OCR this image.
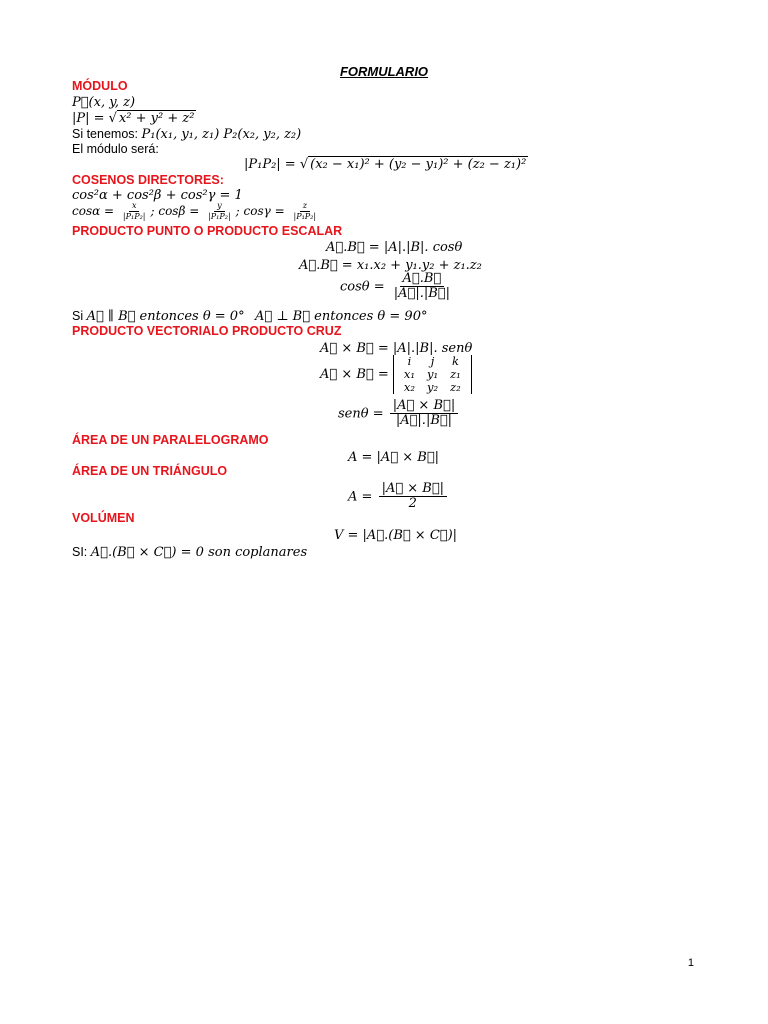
FORMULARIO
MÓDULO
P⃗(x, y, z)
|P| = √ x² + y² + z²
Si tenemos: P₁(x₁, y₁, z₁) P₂(x₂, y₂, z₂)
El módulo será:
|P₁P₂| = √ (x₂ − x₁)² + (y₂ − y₁)² + (z₂ − z₁)²
COSENOS DIRECTORES:
cos²α + cos²β + cos²γ = 1
$\cos\alpha = \frac{x}{\text{|P₁P₂|}}$ ; $\cos\beta = \frac{y}{\text{|P₁P₂|}}$ ; $\cos\gamma = \frac{z}{\text{|P₁P₂|}}$
PRODUCTO PUNTO O PRODUCTO ESCALAR
A⃗.B⃗ = |A|.|B|. cosθ
A⃗.B⃗ = x₁.x₂ + y₁.y₂ + z₁.z₂
$\cos\theta = \frac{A⃗.B⃗}{|A⃗|.|B⃗|}$
Si A⃗ ∥ B⃗ entonces θ = 0° A⃗ ⊥ B⃗ entonces θ = 90°
PRODUCTO VECTORIALO PRODUCTO CRUZ
A⃗ × B⃗ = |A|.|B|. senθ
A⃗ × B⃗ =
i	j	k
x₁	y₁	z₁
x₂	y₂	z₂
$sen\theta = \frac{|A⃗ \times B⃗|}{|A⃗|.|B⃗|}$
ÁREA DE UN PARALELOGRAMO
A = |A⃗ × B⃗|
ÁREA DE UN TRIÁNGULO
$A = \frac{|A⃗ \times B⃗|}{2}$
VOLÚMEN
V = |A⃗.(B⃗ × C⃗)|
SI: A⃗.(B⃗ × C⃗) = 0 son coplanares
1
